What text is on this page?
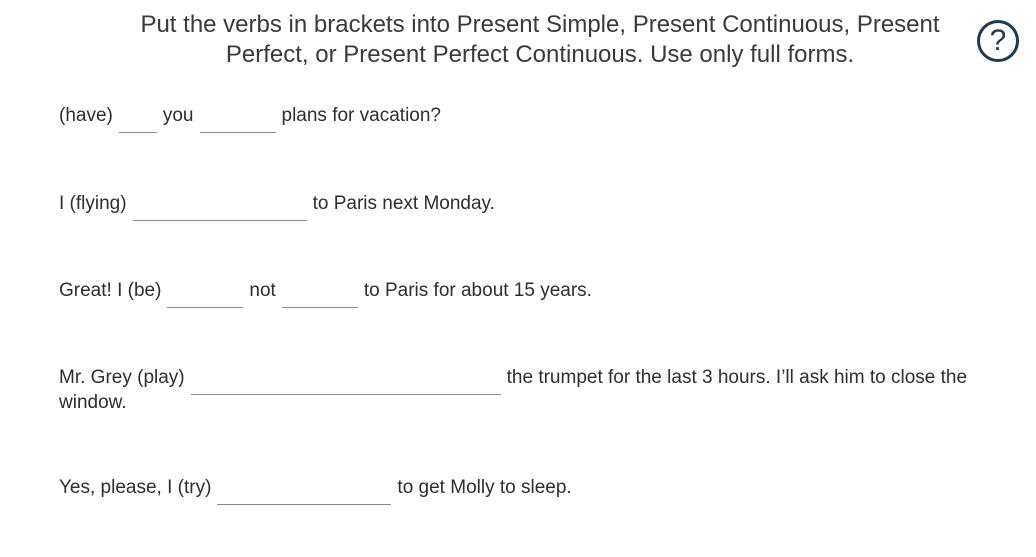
Put the verbs in brackets into Present Simple, Present Continuous, Present Perfect, or Present Perfect Continuous. Use only full forms.	?
(have)	you	plans for vacation?
I (flying)	to Paris next Monday.
Great! I (be)	not	to Paris for about 15 years.
Mr. Grey (play)	the trumpet for the last 3 hours. I’ll ask him to close the
window.
Yes, please, I (try)	to get Molly to sleep.
